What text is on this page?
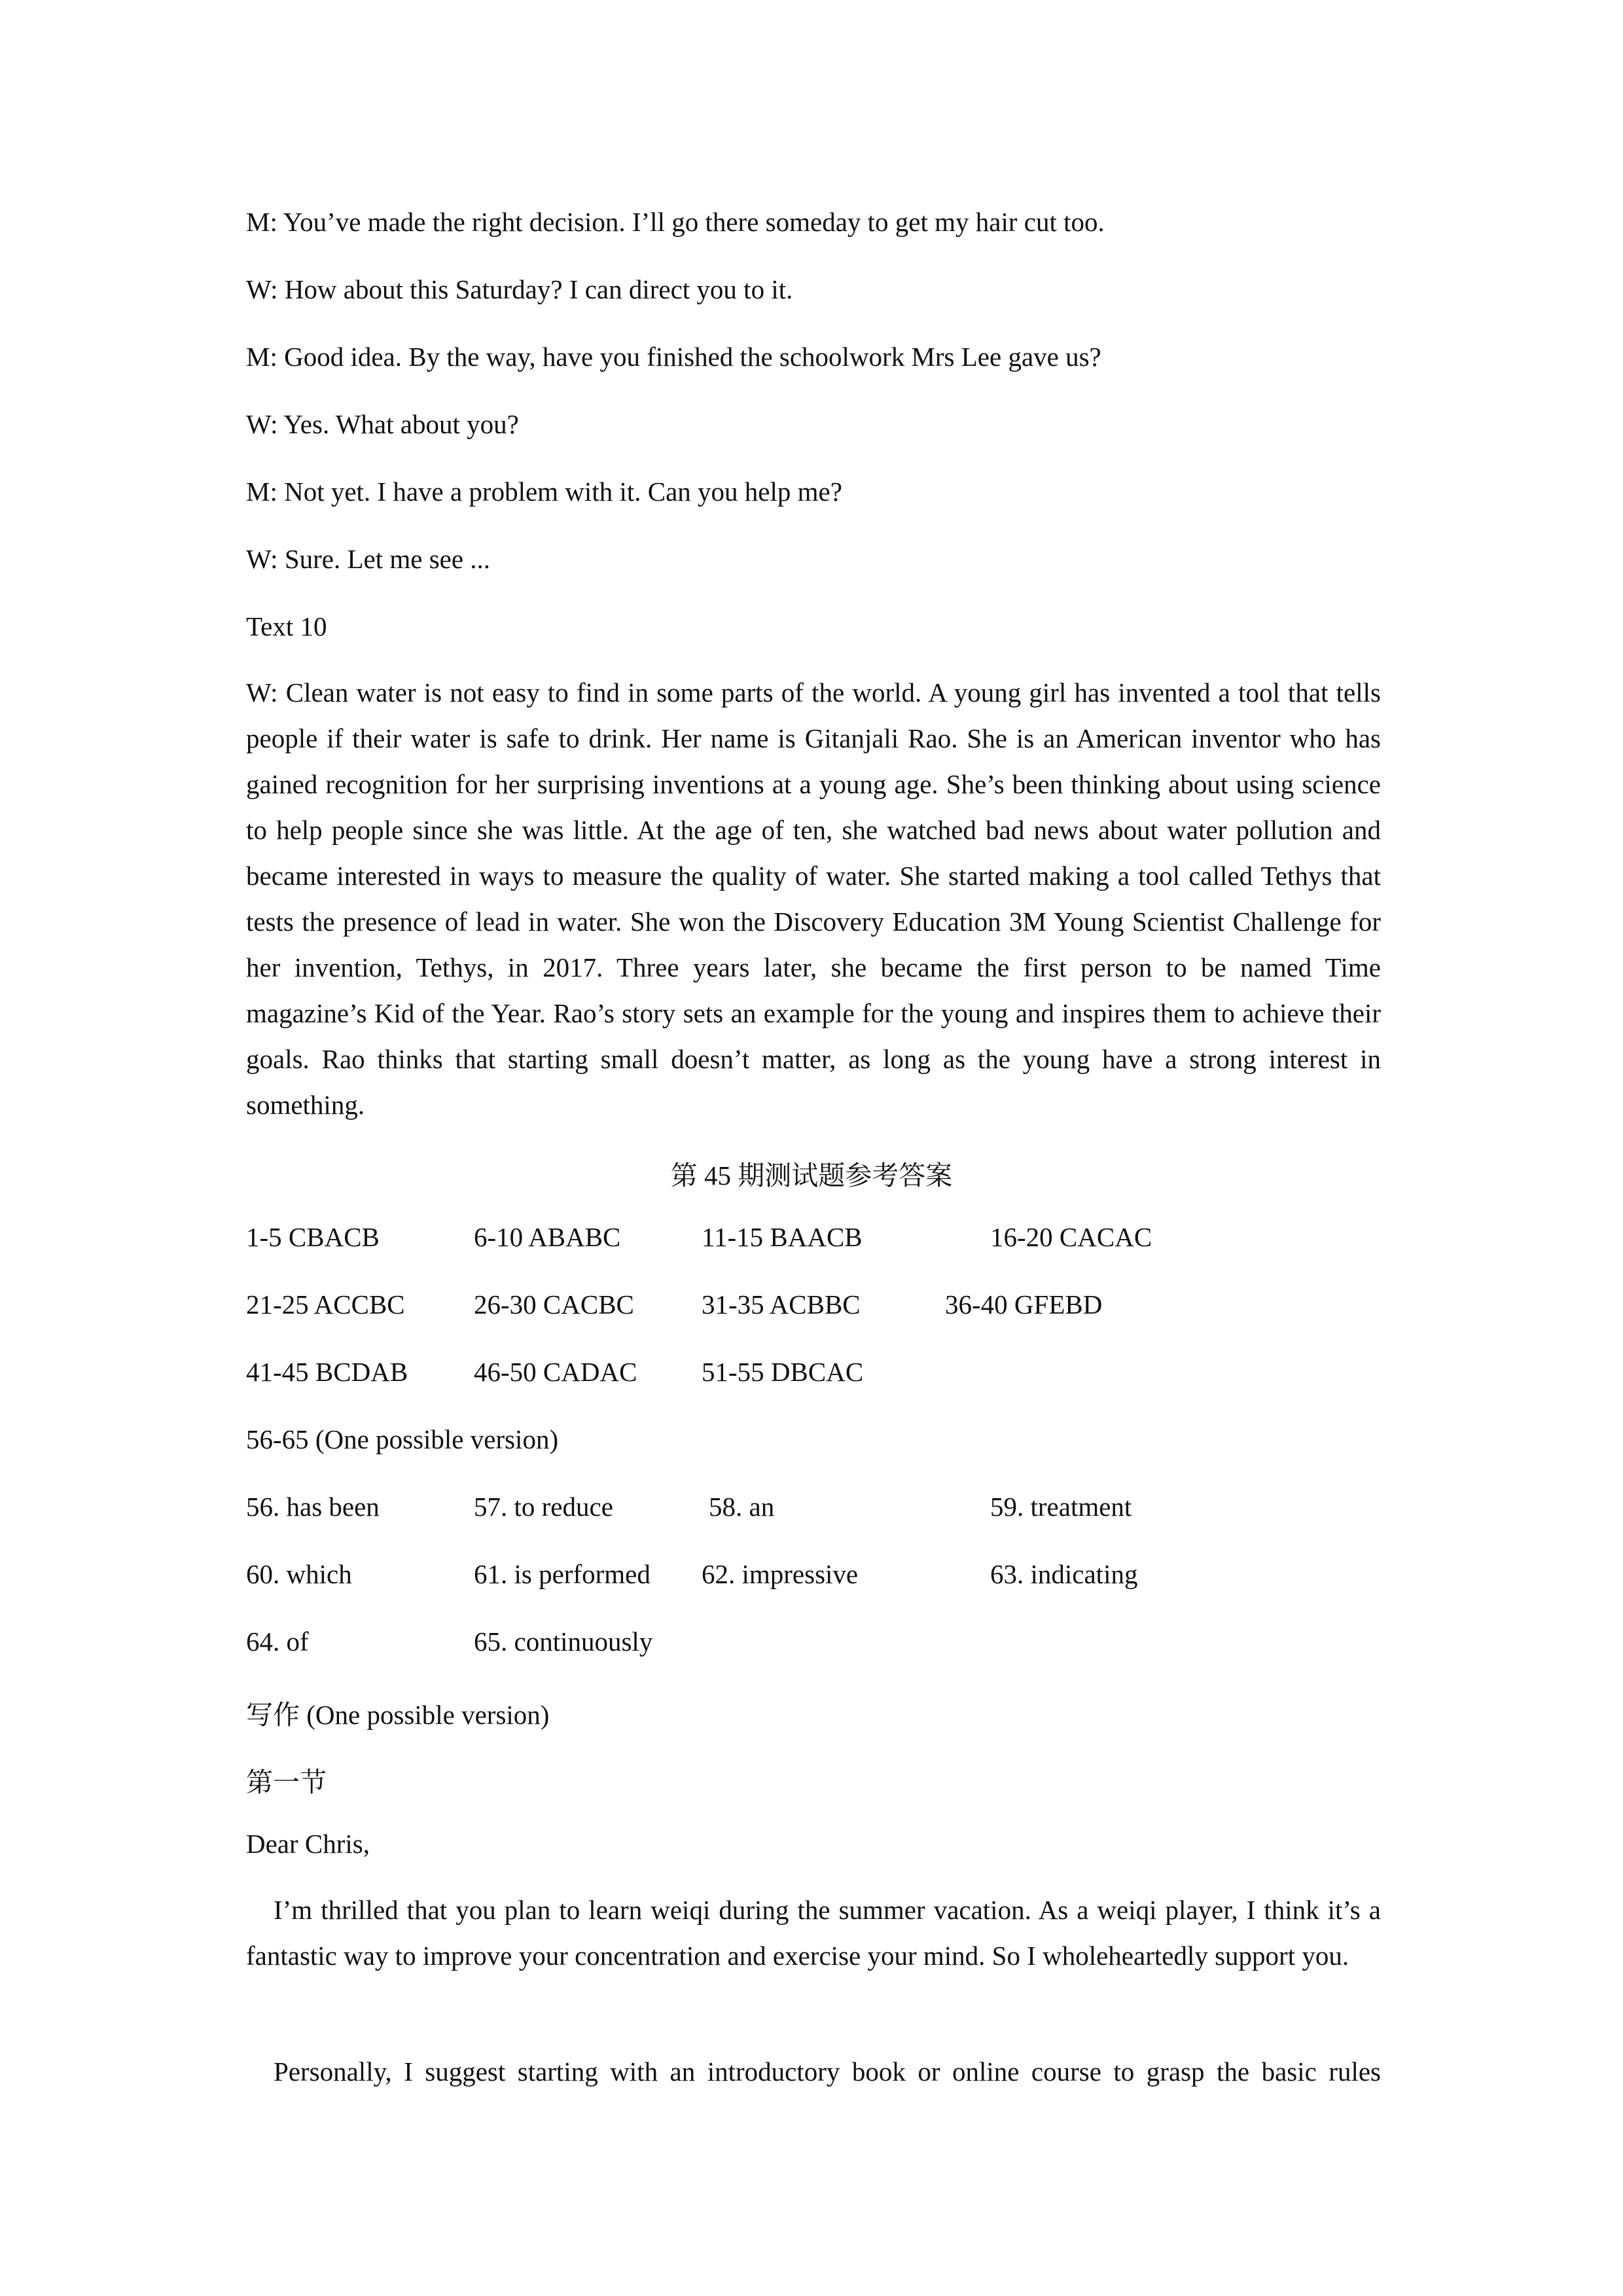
M: You’ve made the right decision. I’ll go there someday to get my hair cut too.
W: How about this Saturday? I can direct you to it.
M: Good idea. By the way, have you finished the schoolwork Mrs Lee gave us?
W: Yes. What about you?
M: Not yet. I have a problem with it. Can you help me?
W: Sure. Let me see ...
Text 10
W: Clean water is not easy to find in some parts of the world. A young girl has invented a tool that tells people if their water is safe to drink. Her name is Gitanjali Rao. She is an American inventor who has gained recognition for her surprising inventions at a young age. She’s been thinking about using science to help people since she was little. At the age of ten, she watched bad news about water pollution and became interested in ways to measure the quality of water. She started making a tool called Tethys that tests the presence of lead in water. She won the Discovery Education 3M Young Scientist Challenge for her invention, Tethys, in 2017. Three years later, she became the first person to be named Time magazine’s Kid of the Year. Rao’s story sets an example for the young and inspires them to achieve their goals. Rao thinks that starting small doesn’t matter, as long as the young have a strong interest in something.
第 45 期测试题参考答案
1-5 CBACB	6-10 ABABC	11-15 BAACB	16-20 CACAC
21-25 ACCBC	26-30 CACBC	31-35 ACBBC	36-40 GFEBD
41-45 BCDAB 46-50 CADAC 51-55 DBCAC
56-65 (One possible version)
56. has been	57. to reduce	58. an	59. treatment
60. which	61. is performed 62. impressive	63. indicating
64. of	65. continuously
写作 (One possible version)
第一节
Dear Chris,
I’m thrilled that you plan to learn weiqi during the summer vacation. As a weiqi player, I think it’s a fantastic way to improve your concentration and exercise your mind. So I wholeheartedly support you.
Personally, I suggest starting with an introductory book or online course to grasp the basic rules
